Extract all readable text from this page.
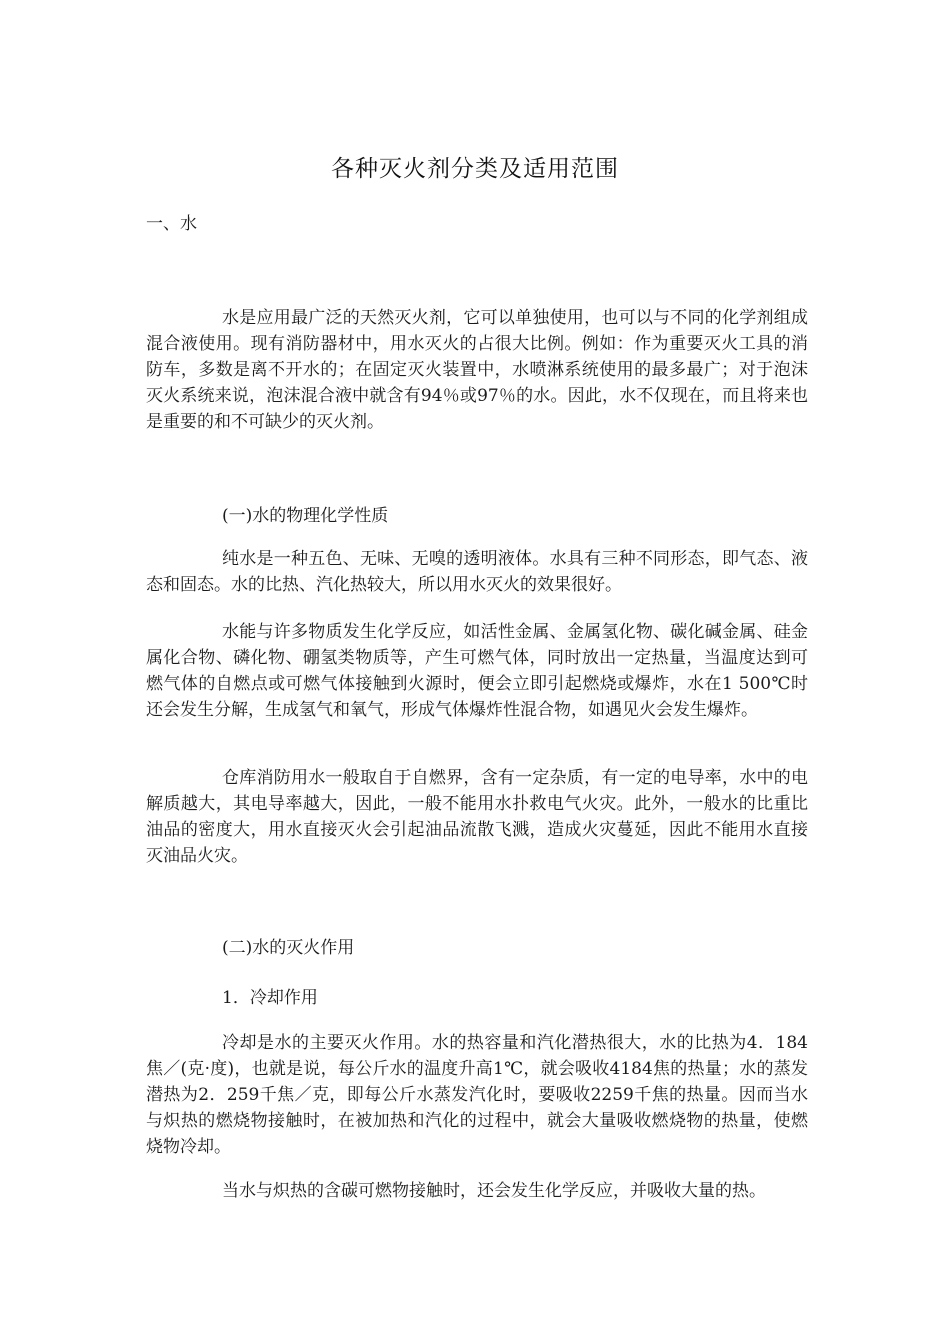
各种灭火剂分类及适用范围

一、水

水是应用最广泛的天然灭火剂，它可以单独使用，也可以与不同的化学剂组成混合液使用。现有消防器材中，用水灭火的占很大比例。例如：作为重要灭火工具的消防车，多数是离不开水的；在固定灭火装置中，水喷淋系统使用的最多最广；对于泡沫灭火系统来说，泡沫混合液中就含有94％或97％的水。因此，水不仅现在，而且将来也是重要的和不可缺少的灭火剂。

(一)水的物理化学性质

纯水是一种五色、无味、无嗅的透明液体。水具有三种不同形态，即气态、液态和固态。水的比热、汽化热较大，所以用水灭火的效果很好。

水能与许多物质发生化学反应，如活性金属、金属氢化物、碳化碱金属、硅金属化合物、磷化物、硼氢类物质等，产生可燃气体，同时放出一定热量，当温度达到可燃气体的自燃点或可燃气体接触到火源时，便会立即引起燃烧或爆炸，水在1 500℃时还会发生分解，生成氢气和氧气，形成气体爆炸性混合物，如遇见火会发生爆炸。

仓库消防用水一般取自于自燃界，含有一定杂质，有一定的电导率，水中的电解质越大，其电导率越大，因此，一般不能用水扑救电气火灾。此外，一般水的比重比油品的密度大，用水直接灭火会引起油品流散飞溅，造成火灾蔓延，因此不能用水直接灭油品火灾。

(二)水的灭火作用

1．冷却作用

冷却是水的主要灭火作用。水的热容量和汽化潜热很大，水的比热为4．184焦／(克·度)，也就是说，每公斤水的温度升高1℃，就会吸收4184焦的热量；水的蒸发潜热为2．259千焦／克，即每公斤水蒸发汽化时，要吸收2259千焦的热量。因而当水与炽热的燃烧物接触时，在被加热和汽化的过程中，就会大量吸收燃烧物的热量，使燃烧物冷却。

当水与炽热的含碳可燃物接触时，还会发生化学反应，并吸收大量的热。
